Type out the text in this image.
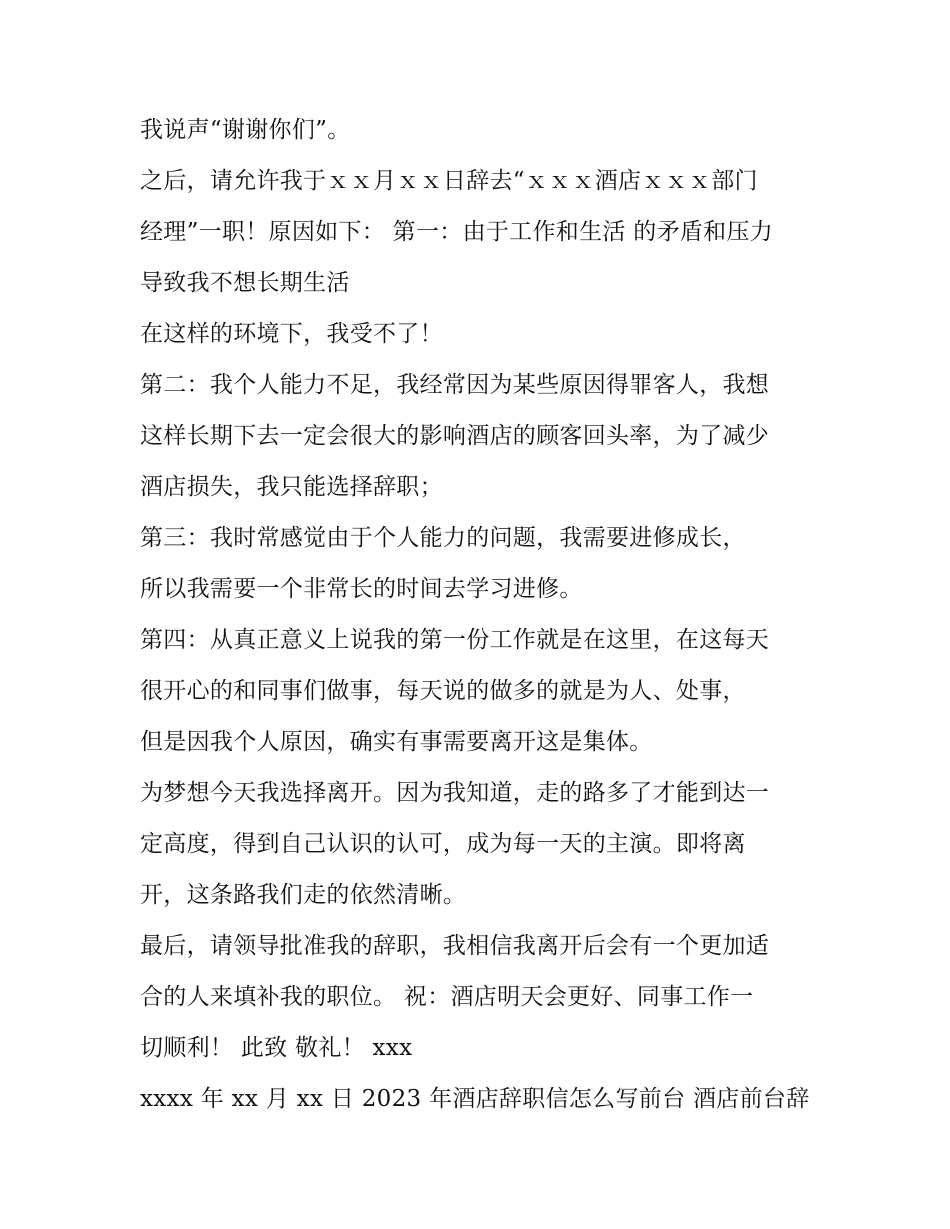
我说声“谢谢你们”。
之后，请允许我于ｘｘ月ｘｘ日辞去“ｘｘｘ酒店ｘｘｘ部门
经理”一职！原因如下： 第一：由于工作和生活 的矛盾和压力
导致我不想长期生活
在这样的环境下，我受不了！
第二：我个人能力不足，我经常因为某些原因得罪客人，我想
这样长期下去一定会很大的影响酒店的顾客回头率，为了减少
酒店损失，我只能选择辞职；
第三：我时常感觉由于个人能力的问题，我需要进修成长，
所以我需要一个非常长的时间去学习进修。
第四：从真正意义上说我的第一份工作就是在这里，在这每天
很开心的和同事们做事，每天说的做多的就是为人、处事，
但是因我个人原因，确实有事需要离开这是集体。
为梦想今天我选择离开。因为我知道，走的路多了才能到达一
定高度，得到自己认识的认可，成为每一天的主演。即将离
开，这条路我们走的依然清晰。
最后，请领导批准我的辞职，我相信我离开后会有一个更加适
合的人来填补我的职位。 祝：酒店明天会更好、同事工作一
切顺利！ 此致 敬礼！ xxx
xxxx 年 xx 月 xx 日 2023 年酒店辞职信怎么写前台 酒店前台辞
